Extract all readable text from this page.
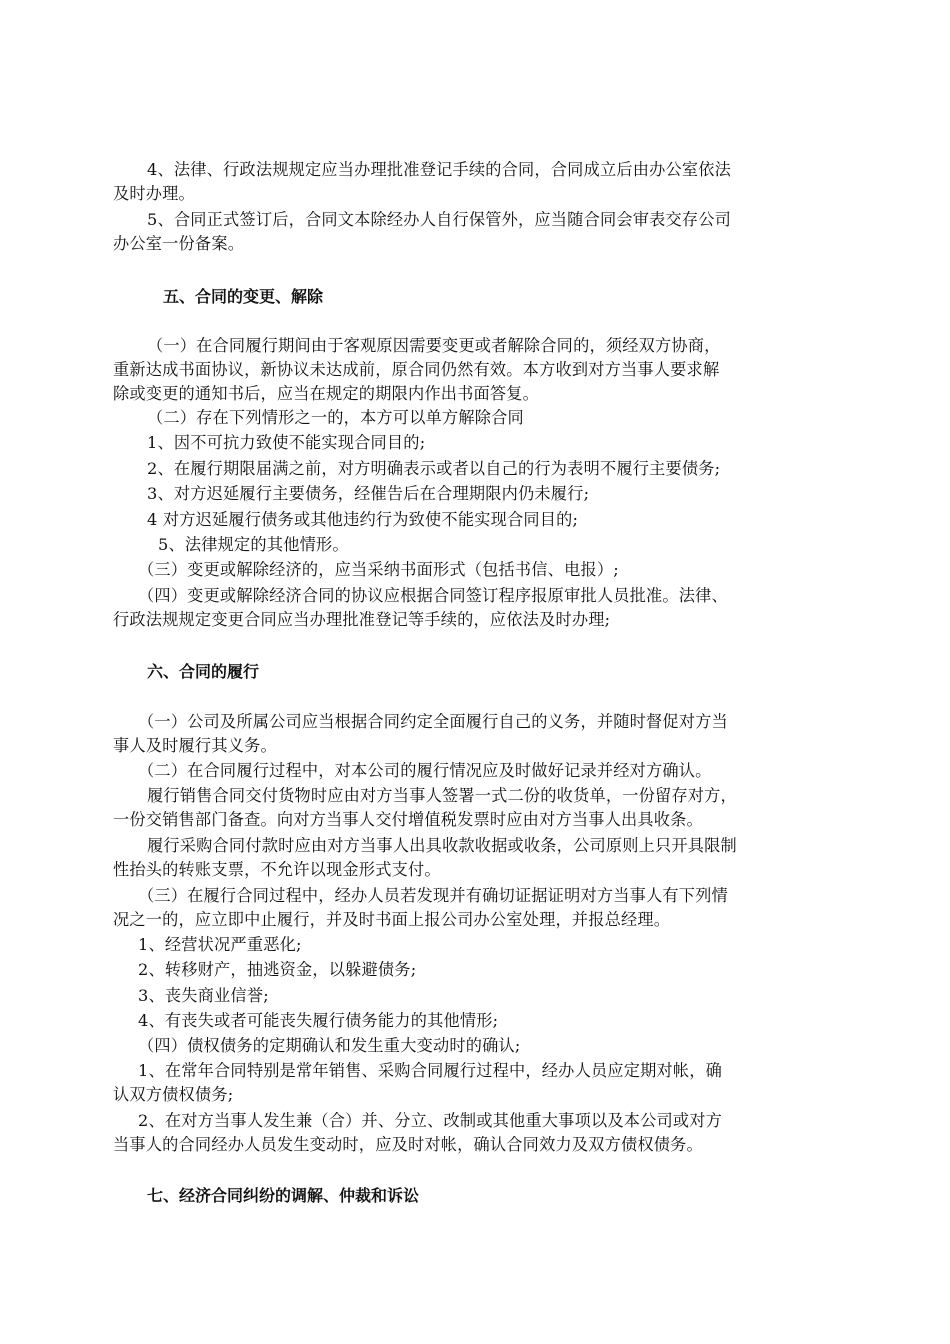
4、法律、行政法规规定应当办理批准登记手续的合同，合同成立后由办公室依法
及时办理。
5、合同正式签订后，合同文本除经办人自行保管外，应当随合同会审表交存公司
办公室一份备案。
五、合同的变更、解除
（一）在合同履行期间由于客观原因需要变更或者解除合同的，须经双方协商，
重新达成书面协议，新协议未达成前，原合同仍然有效。本方收到对方当事人要求解
除或变更的通知书后，应当在规定的期限内作出书面答复。
（二）存在下列情形之一的，本方可以单方解除合同
1、因不可抗力致使不能实现合同目的;
2、在履行期限届满之前，对方明确表示或者以自己的行为表明不履行主要债务;
3、对方迟延履行主要债务，经催告后在合理期限内仍未履行;
4 对方迟延履行债务或其他违约行为致使不能实现合同目的;
5、法律规定的其他情形。
（三）变更或解除经济的，应当采纳书面形式（包括书信、电报）;
（四）变更或解除经济合同的协议应根据合同签订程序报原审批人员批准。法律、
行政法规规定变更合同应当办理批准登记等手续的，应依法及时办理;
六、合同的履行
（一）公司及所属公司应当根据合同约定全面履行自己的义务，并随时督促对方当
事人及时履行其义务。
（二）在合同履行过程中，对本公司的履行情况应及时做好记录并经对方确认。
履行销售合同交付货物时应由对方当事人签署一式二份的收货单，一份留存对方，
一份交销售部门备查。向对方当事人交付增值税发票时应由对方当事人出具收条。
履行采购合同付款时应由对方当事人出具收款收据或收条，公司原则上只开具限制
性抬头的转账支票，不允许以现金形式支付。
（三）在履行合同过程中，经办人员若发现并有确切证据证明对方当事人有下列情
况之一的，应立即中止履行，并及时书面上报公司办公室处理，并报总经理。
1、经营状况严重恶化;
2、转移财产，抽逃资金，以躲避债务;
3、丧失商业信誉;
4、有丧失或者可能丧失履行债务能力的其他情形;
（四）债权债务的定期确认和发生重大变动时的确认;
1、在常年合同特别是常年销售、采购合同履行过程中，经办人员应定期对帐，确
认双方债权债务;
2、在对方当事人发生兼（合）并、分立、改制或其他重大事项以及本公司或对方
当事人的合同经办人员发生变动时，应及时对帐，确认合同效力及双方债权债务。
七、经济合同纠纷的调解、仲裁和诉讼
